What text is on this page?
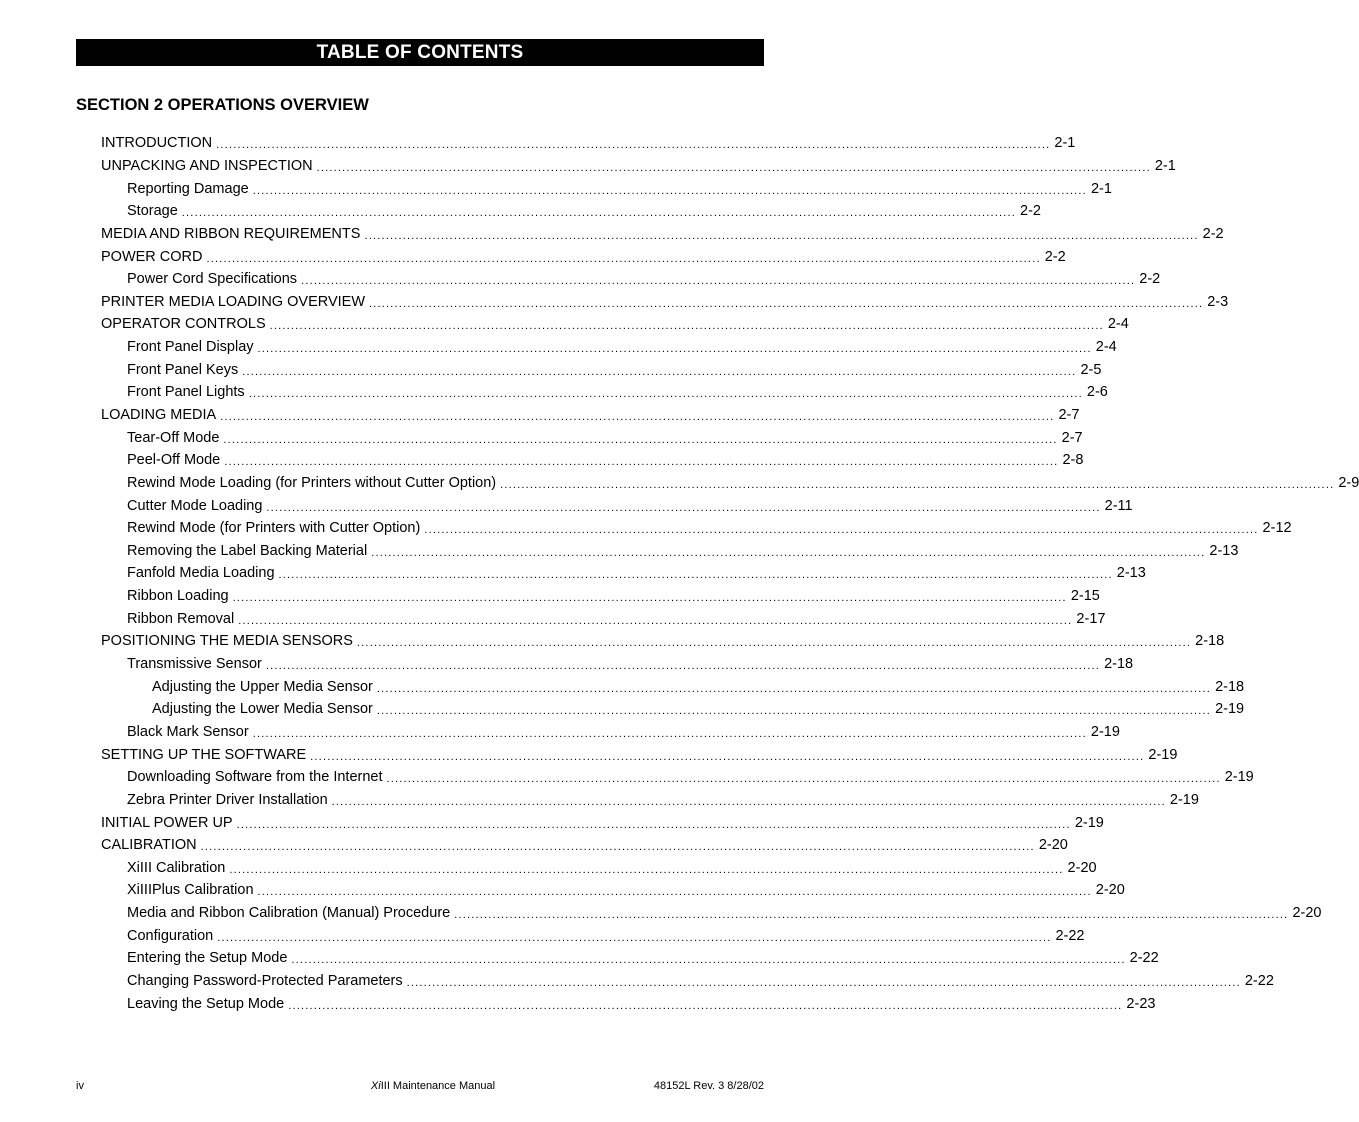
TABLE OF CONTENTS
SECTION 2 OPERATIONS OVERVIEW
INTRODUCTION .................................................................................................................................................................................................... 2-1
UNPACKING AND INSPECTION .................................................................................................................................................................................................... 2-1
Reporting Damage .................................................................................................................................................................................................... 2-1
Storage .................................................................................................................................................................................................... 2-2
MEDIA AND RIBBON REQUIREMENTS .................................................................................................................................................................................................... 2-2
POWER CORD .................................................................................................................................................................................................... 2-2
Power Cord Specifications .................................................................................................................................................................................................... 2-2
PRINTER MEDIA LOADING OVERVIEW .................................................................................................................................................................................................... 2-3
OPERATOR CONTROLS .................................................................................................................................................................................................... 2-4
Front Panel Display .................................................................................................................................................................................................... 2-4
Front Panel Keys .................................................................................................................................................................................................... 2-5
Front Panel Lights .................................................................................................................................................................................................... 2-6
LOADING MEDIA .................................................................................................................................................................................................... 2-7
Tear-Off Mode .................................................................................................................................................................................................... 2-7
Peel-Off Mode .................................................................................................................................................................................................... 2-8
Rewind Mode Loading (for Printers without Cutter Option) .................................................................................................................................................................................................... 2-9
Cutter Mode Loading .................................................................................................................................................................................................... 2-11
Rewind Mode (for Printers with Cutter Option) .................................................................................................................................................................................................... 2-12
Removing the Label Backing Material .................................................................................................................................................................................................... 2-13
Fanfold Media Loading .................................................................................................................................................................................................... 2-13
Ribbon Loading .................................................................................................................................................................................................... 2-15
Ribbon Removal .................................................................................................................................................................................................... 2-17
POSITIONING THE MEDIA SENSORS .................................................................................................................................................................................................... 2-18
Transmissive Sensor .................................................................................................................................................................................................... 2-18
Adjusting the Upper Media Sensor .................................................................................................................................................................................................... 2-18
Adjusting the Lower Media Sensor .................................................................................................................................................................................................... 2-19
Black Mark Sensor .................................................................................................................................................................................................... 2-19
SETTING UP THE SOFTWARE .................................................................................................................................................................................................... 2-19
Downloading Software from the Internet .................................................................................................................................................................................................... 2-19
Zebra Printer Driver Installation .................................................................................................................................................................................................... 2-19
INITIAL POWER UP .................................................................................................................................................................................................... 2-19
CALIBRATION .................................................................................................................................................................................................... 2-20
XiIII Calibration .................................................................................................................................................................................................... 2-20
XiIIIPlus Calibration .................................................................................................................................................................................................... 2-20
Media and Ribbon Calibration (Manual) Procedure .................................................................................................................................................................................................... 2-20
Configuration .................................................................................................................................................................................................... 2-22
Entering the Setup Mode .................................................................................................................................................................................................... 2-22
Changing Password-Protected Parameters .................................................................................................................................................................................................... 2-22
Leaving the Setup Mode .................................................................................................................................................................................................... 2-23
iv	XiIII Maintenance Manual	48152L Rev. 3 8/28/02
